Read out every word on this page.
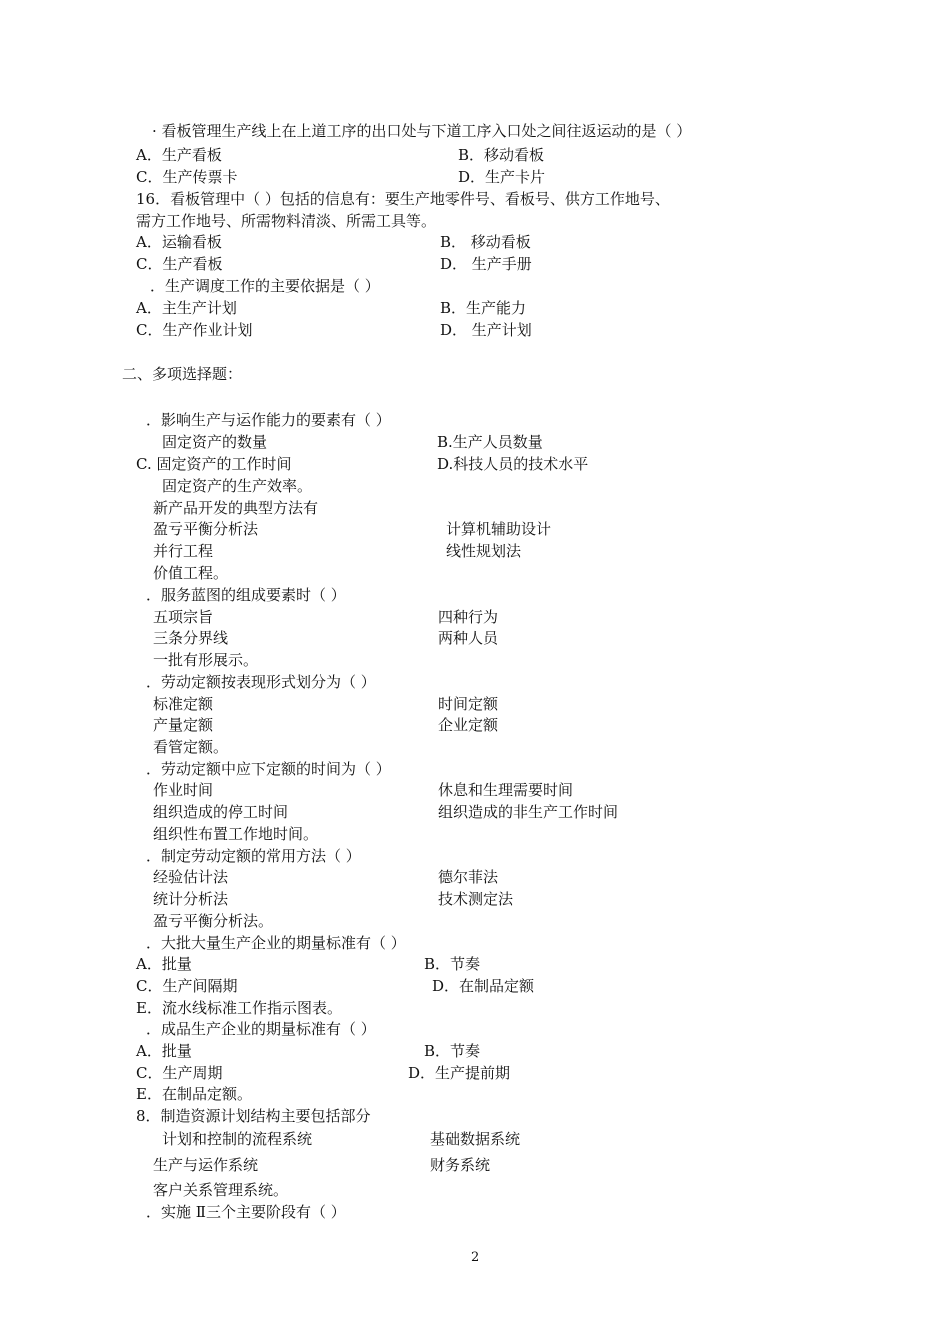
二、多项选择题：
2
· 看板管理生产线上在上道工序的出口处与下道工序入口处之间往返运动的是（ ）
A．生产看板	B．移动看板
C．生产传票卡	D．生产卡片
16．看板管理中（ ）包括的信息有：要生产地零件号、看板号、供方工作地号、
需方工作地号、所需物料清淡、所需工具等。
A．运输看板	B． 移动看板
C．生产看板	D． 生产手册
．生产调度工作的主要依据是（ ）
A．主生产计划	B．生产能力
C．生产作业计划	D． 生产计划
．影响生产与运作能力的要素有（ ）
固定资产的数量	B.生产人员数量
C. 固定资产的工作时间	D.科技人员的技术水平
固定资产的生产效率。
新产品开发的典型方法有
盈亏平衡分析法	计算机辅助设计
并行工程	线性规划法
价值工程。
．服务蓝图的组成要素时（ ）
五项宗旨	四种行为
三条分界线	两种人员
一批有形展示。
．劳动定额按表现形式划分为（ ）
标准定额	时间定额
产量定额	企业定额
看管定额。
．劳动定额中应下定额的时间为（ ）
作业时间	休息和生理需要时间
组织造成的停工时间	组织造成的非生产工作时间
组织性布置工作地时间。
．制定劳动定额的常用方法（ ）
经验估计法	德尔菲法
统计分析法	技术测定法
盈亏平衡分析法。
．大批大量生产企业的期量标准有（ ）
A．批量	B．节奏
C．生产间隔期	D．在制品定额
E．流水线标准工作指示图表。
．成品生产企业的期量标准有（ ）
A．批量	B．节奏
C．生产周期	D．生产提前期
E．在制品定额。
8．制造资源计划结构主要包括部分
计划和控制的流程系统	基础数据系统
生产与运作系统	财务系统
客户关系管理系统。
．实施 Ⅱ三个主要阶段有（ ）
